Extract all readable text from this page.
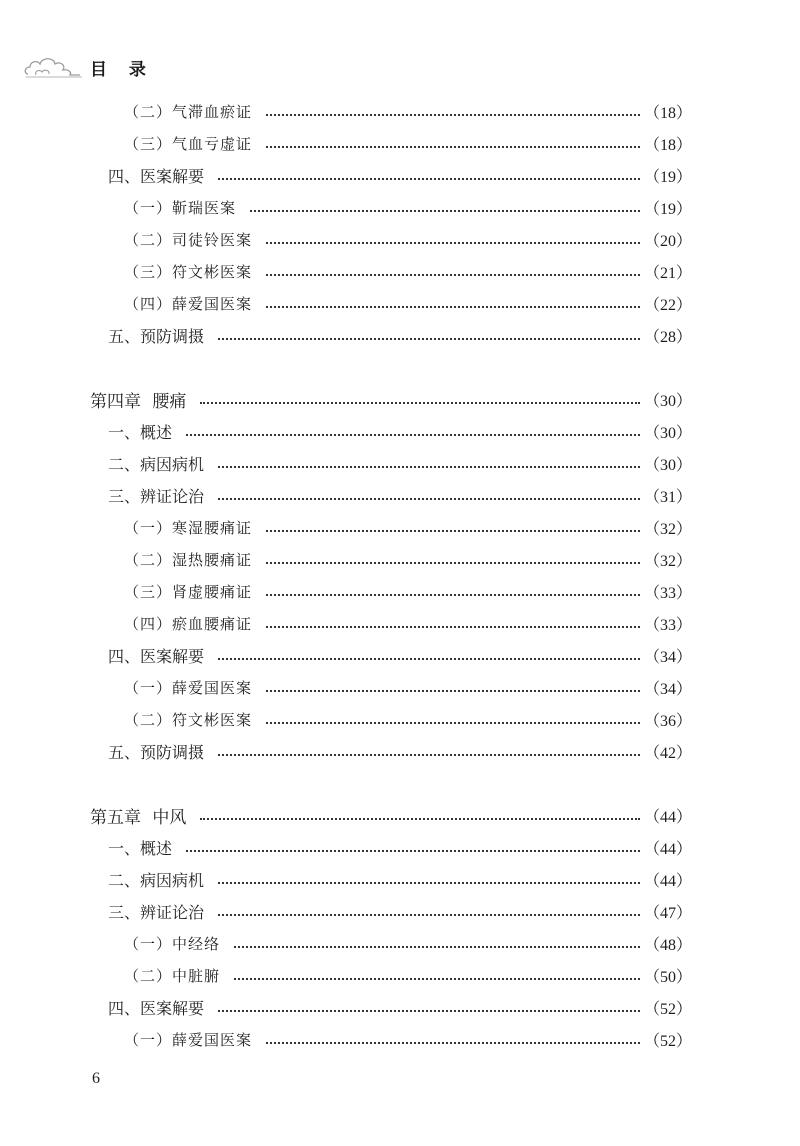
目 录
（二）气滞血瘀证	（18）
（三）气血亏虚证	（18）
四、医案解要	（19）
（一）靳瑞医案	（19）
（二）司徒铃医案	（20）
（三）符文彬医案	（21）
（四）薛爱国医案	（22）
五、预防调摄	（28）
第四章 腰痛	（30）
一、概述	（30）
二、病因病机	（30）
三、辨证论治	（31）
（一）寒湿腰痛证	（32）
（二）湿热腰痛证	（32）
（三）肾虚腰痛证	（33）
（四）瘀血腰痛证	（33）
四、医案解要	（34）
（一）薛爱国医案	（34）
（二）符文彬医案	（36）
五、预防调摄	（42）
第五章 中风	（44）
一、概述	（44）
二、病因病机	（44）
三、辨证论治	（47）
（一）中经络	（48）
（二）中脏腑	（50）
四、医案解要	（52）
（一）薛爱国医案	（52）
6
